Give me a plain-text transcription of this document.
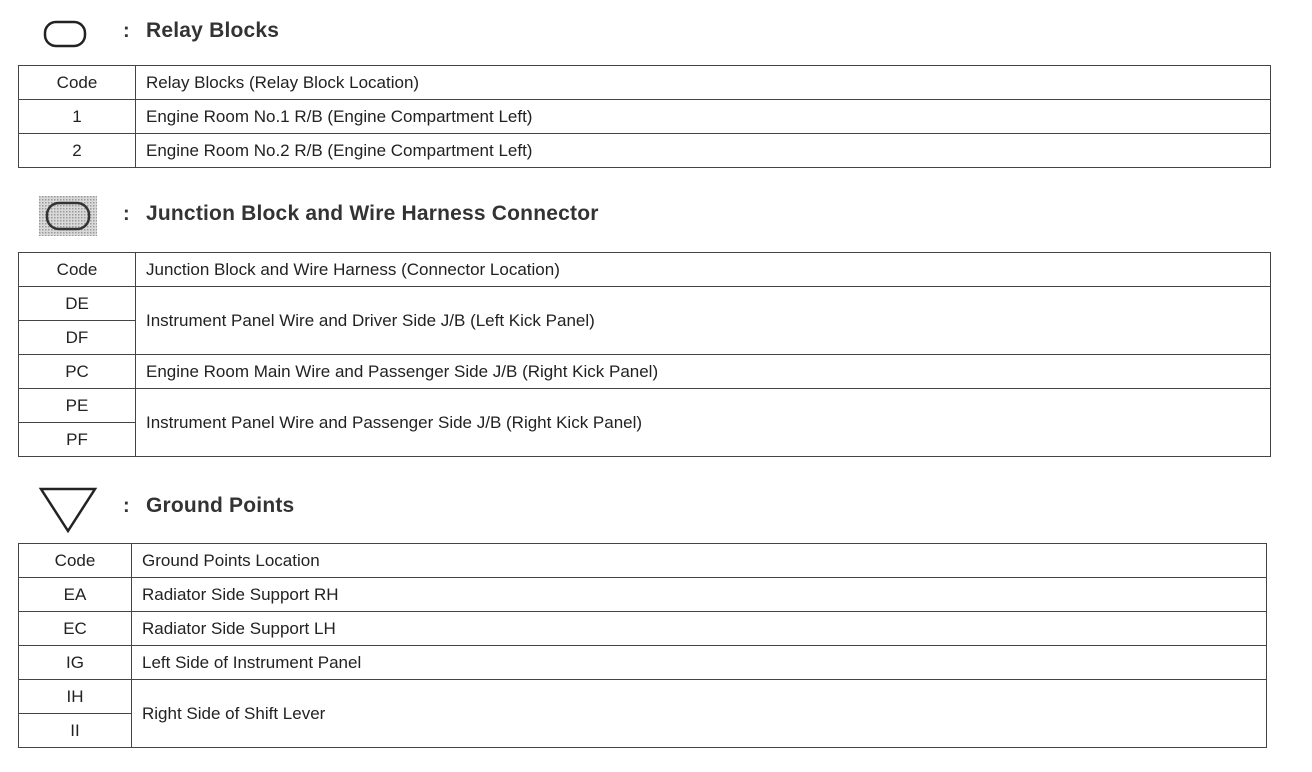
: Relay Blocks
Code	Relay Blocks (Relay Block Location)
1	Engine Room No.1 R/B (Engine Compartment Left)
2	Engine Room No.2 R/B (Engine Compartment Left)
: Junction Block and Wire Harness Connector
Code	Junction Block and Wire Harness (Connector Location)
DE	Instrument Panel Wire and Driver Side J/B (Left Kick Panel)
DF	
PC	Engine Room Main Wire and Passenger Side J/B (Right Kick Panel)
PE	Instrument Panel Wire and Passenger Side J/B (Right Kick Panel)
PF	
: Ground Points
Code	Ground Points Location
EA	Radiator Side Support RH
EC	Radiator Side Support LH
IG	Left Side of Instrument Panel
IH	Right Side of Shift Lever
II	
